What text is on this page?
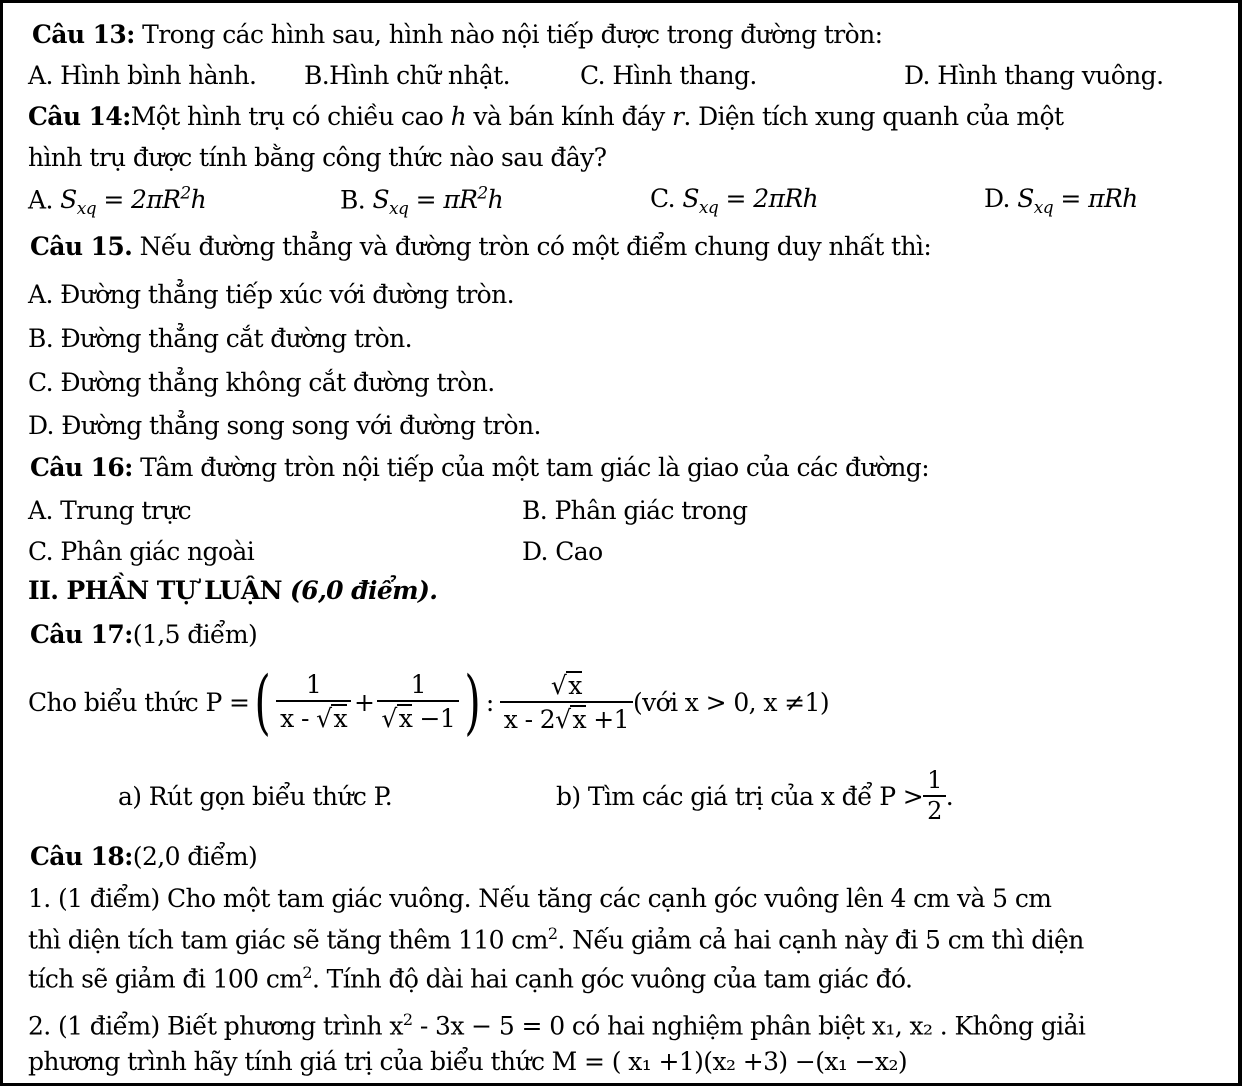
Câu 13: Trong các hình sau, hình nào nội tiếp được trong đường tròn:
A. Hình bình hành. B.Hình chữ nhật.	C. Hình thang.	D. Hình thang vuông.
Câu 14:Một hình trụ có chiều cao h và bán kính đáy r. Diện tích xung quanh của một
hình trụ được tính bằng công thức nào sau đây?
A. $S_{xq} = 2\pi R^2h$	B. $S_{xq} = \pi R^2h$	C. $S_{xq} = 2\pi Rh$	D. $S_{xq} = \pi Rh$
Câu 15. Nếu đường thẳng và đường tròn có một điểm chung duy nhất thì:
A. Đường thẳng tiếp xúc với đường tròn.
B. Đường thẳng cắt đường tròn.
C. Đường thẳng không cắt đường tròn.
D. Đường thẳng song song với đường tròn.
Câu 16: Tâm đường tròn nội tiếp của một tam giác là giao của các đường:
A. Trung trực	B. Phân giác trong
C. Phân giác ngoài	D. Cao
II. PHẦN TỰ LUẬN (6,0 điểm).
Câu 17:(1,5 điểm)
Cho biểu thức P = ( $\frac{1}{x - √x} + \frac{1}{√x -1}$ ) : $\frac{√x}{x - 2√x +1}$ (với x > 0, x ≠1)
a) Rút gọn biểu thức P.	b) Tìm các giá trị của x để $P > \frac{1}{2}$ .
Câu 18:(2,0 điểm)
1. (1 điểm) Cho một tam giác vuông. Nếu tăng các cạnh góc vuông lên 4 cm và 5 cm
thì diện tích tam giác sẽ tăng thêm 110 $cm^2$. Nếu giảm cả hai cạnh này đi 5 cm thì diện
tích sẽ giảm đi 100 $cm^2$. Tính độ dài hai cạnh góc vuông của tam giác đó.
2. (1 điểm) Biết phương trình $x^2 - 3x - 5 = 0$ có hai nghiệm phân biệt x₁, x₂ . Không giải
phương trình hãy tính giá trị của biểu thức M = ( x₁ +1)(x₂ +3) −(x₁ −x₂)
